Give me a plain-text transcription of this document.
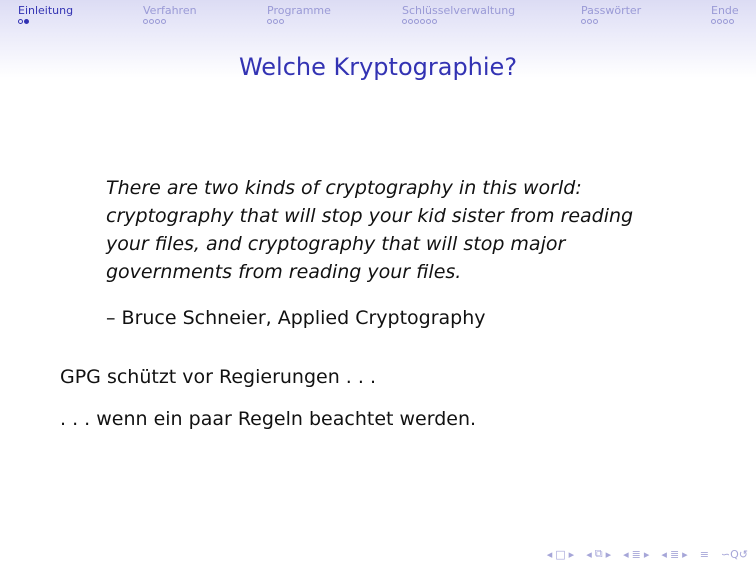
Einleitung	Verfahren	Programme	Schlüsselverwaltung	Passwörter	Ende
Welche Kryptographie?
There are two kinds of cryptography in this world: cryptography that will stop your kid sister from reading your files, and cryptography that will stop major governments from reading your files.
– Bruce Schneier, Applied Cryptography
GPG schützt vor Regierungen . . .
. . . wenn ein paar Regeln beachtet werden.
◂ □ ▸ ◂ ⧉ ▸ ◂ ≣ ▸ ◂ ≣ ▸ ≡ ∽Q↺
